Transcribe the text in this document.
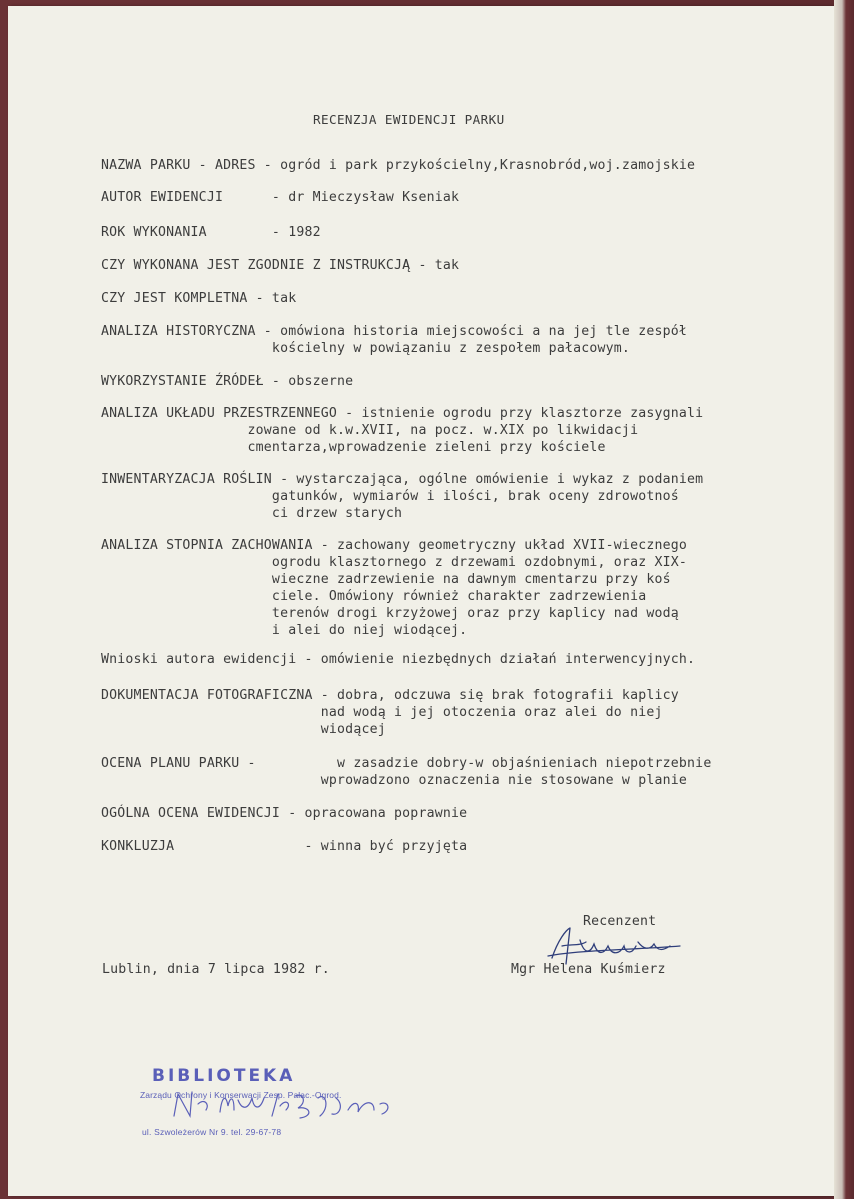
RECENZJA EWIDENCJI PARKU
NAZWA PARKU - ADRES - ogród i park przykościelny,Krasnobród,woj.zamojskie
AUTOR EWIDENCJI      - dr Mieczysław Kseniak
ROK WYKONANIA        - 1982
CZY WYKONANA JEST ZGODNIE Z INSTRUKCJĄ - tak
CZY JEST KOMPLETNA - tak
ANALIZA HISTORYCZNA - omówiona historia miejscowości a na jej tle zespół
kościelny w powiązaniu z zespołem pałacowym.
WYKORZYSTANIE ŹRÓDEŁ - obszerne
ANALIZA UKŁADU PRZESTRZENNEGO - istnienie ogrodu przy klasztorze zasygnali
zowane od k.w.XVII, na pocz. w.XIX po likwidacji
cmentarza,wprowadzenie zieleni przy kościele
INWENTARYZACJA ROŚLIN - wystarczająca, ogólne omówienie i wykaz z podaniem
gatunków, wymiarów i ilości, brak oceny zdrowotnoś
ci drzew starych
ANALIZA STOPNIA ZACHOWANIA - zachowany geometryczny układ XVII-wiecznego
ogrodu klasztornego z drzewami ozdobnymi, oraz XIX-
wieczne zadrzewienie na dawnym cmentarzu przy koś
ciele. Omówiony również charakter zadrzewienia
terenów drogi krzyżowej oraz przy kaplicy nad wodą
i alei do niej wiodącej.
Wnioski autora ewidencji - omówienie niezbędnych działań interwencyjnych.
DOKUMENTACJA FOTOGRAFICZNA - dobra, odczuwa się brak fotografii kaplicy
nad wodą i jej otoczenia oraz alei do niej
wiodącej
OCENA PLANU PARKU -          w zasadzie dobry-w objaśnieniach niepotrzebnie
wprowadzono oznaczenia nie stosowane w planie
OGÓLNA OCENA EWIDENCJI - opracowana poprawnie
KONKLUZJA                - winna być przyjęta
Recenzent
Lublin, dnia 7 lipca 1982 r.	Mgr Helena Kuśmierz
BIBLIOTEKA
Zarządu Ochrony i Konserwacji Zesp. Pałac.-Ogrod.
ul. Szwoleżerów Nr 9. tel. 29-67-78
